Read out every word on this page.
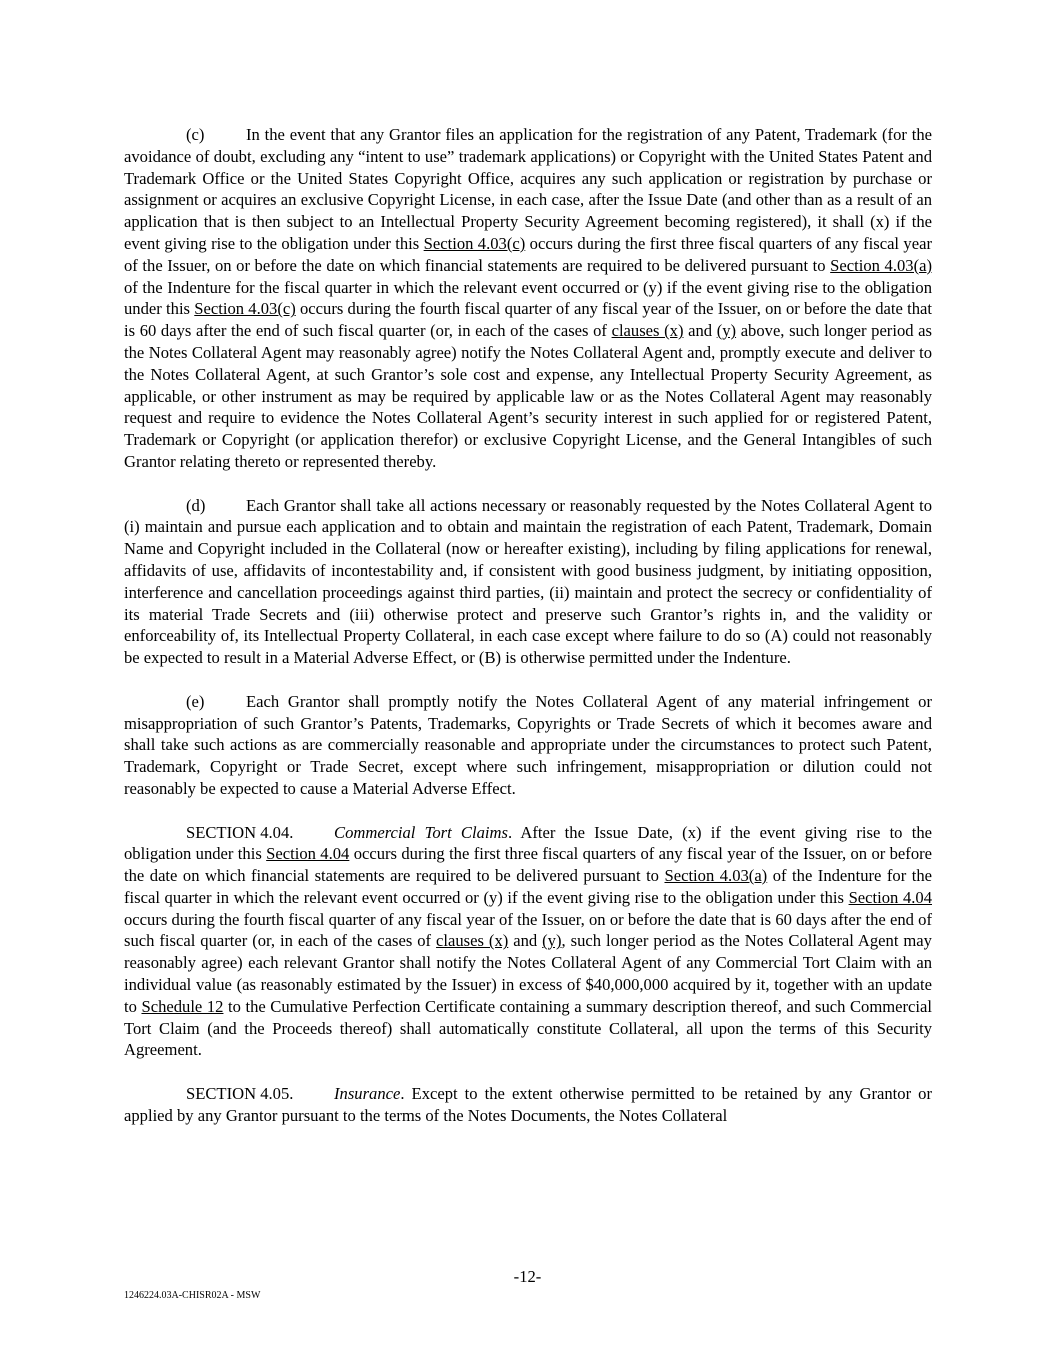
(c)	In the event that any Grantor files an application for the registration of any Patent, Trademark (for the avoidance of doubt, excluding any “intent to use” trademark applications) or Copyright with the United States Patent and Trademark Office or the United States Copyright Office, acquires any such application or registration by purchase or assignment or acquires an exclusive Copyright License, in each case, after the Issue Date (and other than as a result of an application that is then subject to an Intellectual Property Security Agreement becoming registered), it shall (x) if the event giving rise to the obligation under this Section 4.03(c) occurs during the first three fiscal quarters of any fiscal year of the Issuer, on or before the date on which financial statements are required to be delivered pursuant to Section 4.03(a) of the Indenture for the fiscal quarter in which the relevant event occurred or (y) if the event giving rise to the obligation under this Section 4.03(c) occurs during the fourth fiscal quarter of any fiscal year of the Issuer, on or before the date that is 60 days after the end of such fiscal quarter (or, in each of the cases of clauses (x) and (y) above, such longer period as the Notes Collateral Agent may reasonably agree) notify the Notes Collateral Agent and, promptly execute and deliver to the Notes Collateral Agent, at such Grantor’s sole cost and expense, any Intellectual Property Security Agreement, as applicable, or other instrument as may be required by applicable law or as the Notes Collateral Agent may reasonably request and require to evidence the Notes Collateral Agent’s security interest in such applied for or registered Patent, Trademark or Copyright (or application therefor) or exclusive Copyright License, and the General Intangibles of such Grantor relating thereto or represented thereby.

(d) Each Grantor shall take all actions necessary or reasonably requested by the Notes Collateral Agent to (i) maintain and pursue each application and to obtain and maintain the registration of each Patent, Trademark, Domain Name and Copyright included in the Collateral (now or hereafter existing), including by filing applications for renewal, affidavits of use, affidavits of incontestability and, if consistent with good business judgment, by initiating opposition, interference and cancellation proceedings against third parties, (ii) maintain and protect the secrecy or confidentiality of its material Trade Secrets and (iii) otherwise protect and preserve such Grantor’s rights in, and the validity or enforceability of, its Intellectual Property Collateral, in each case except where failure to do so (A) could not reasonably be expected to result in a Material Adverse Effect, or (B) is otherwise permitted under the Indenture.

(e)	Each Grantor shall promptly notify the Notes Collateral Agent of any material infringement or misappropriation of such Grantor’s Patents, Trademarks, Copyrights or Trade Secrets of which it becomes aware and shall take such actions as are commercially reasonable and appropriate under the circumstances to protect such Patent, Trademark, Copyright or Trade Secret, except where such infringement, misappropriation or dilution could not reasonably be expected to cause a Material Adverse Effect.

SECTION 4.04. Commercial Tort Claims. After the Issue Date, (x) if the event giving rise to the obligation under this Section 4.04 occurs during the first three fiscal quarters of any fiscal year of the Issuer, on or before the date on which financial statements are required to be delivered pursuant to Section 4.03(a) of the Indenture for the fiscal quarter in which the relevant event occurred or (y) if the event giving rise to the obligation under this Section 4.04 occurs during the fourth fiscal quarter of any fiscal year of the Issuer, on or before the date that is 60 days after the end of such fiscal quarter (or, in each of the cases of clauses (x) and (y), such longer period as the Notes Collateral Agent may reasonably agree) each relevant Grantor shall notify the Notes Collateral Agent of any Commercial Tort Claim with an individual value (as reasonably estimated by the Issuer) in excess of $40,000,000 acquired by it, together with an update to Schedule 12 to the Cumulative Perfection Certificate containing a summary description thereof, and such Commercial Tort Claim (and the Proceeds thereof) shall automatically constitute Collateral, all upon the terms of this Security Agreement.

SECTION 4.05. Insurance. Except to the extent otherwise permitted to be retained by any Grantor or applied by any Grantor pursuant to the terms of the Notes Documents, the Notes Collateral

-12-
1246224.03A-CHISR02A - MSW
